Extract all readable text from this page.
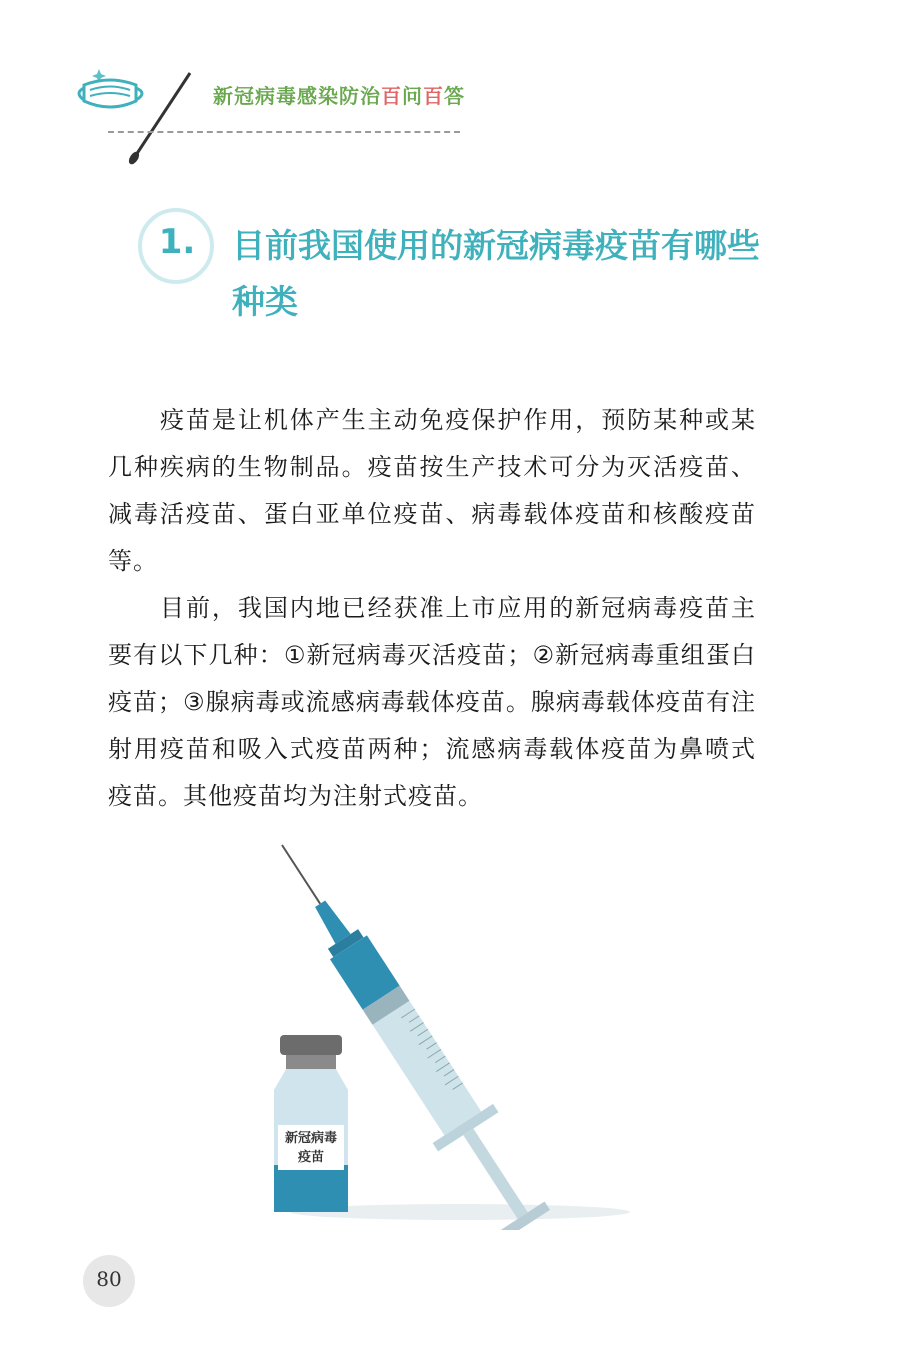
新冠病毒感染防治百问百答
1.	目前我国使用的新冠病毒疫苗有哪些种类

疫苗是让机体产生主动免疫保护作用，预防某种或某几种疾病的生物制品。疫苗按生产技术可分为灭活疫苗、减毒活疫苗、蛋白亚单位疫苗、病毒载体疫苗和核酸疫苗等。

目前，我国内地已经获准上市应用的新冠病毒疫苗主要有以下几种：①新冠病毒灭活疫苗；②新冠病毒重组蛋白疫苗；③腺病毒或流感病毒载体疫苗。腺病毒载体疫苗有注射用疫苗和吸入式疫苗两种；流感病毒载体疫苗为鼻喷式疫苗。其他疫苗均为注射式疫苗。

新冠病毒
疫苗
80
